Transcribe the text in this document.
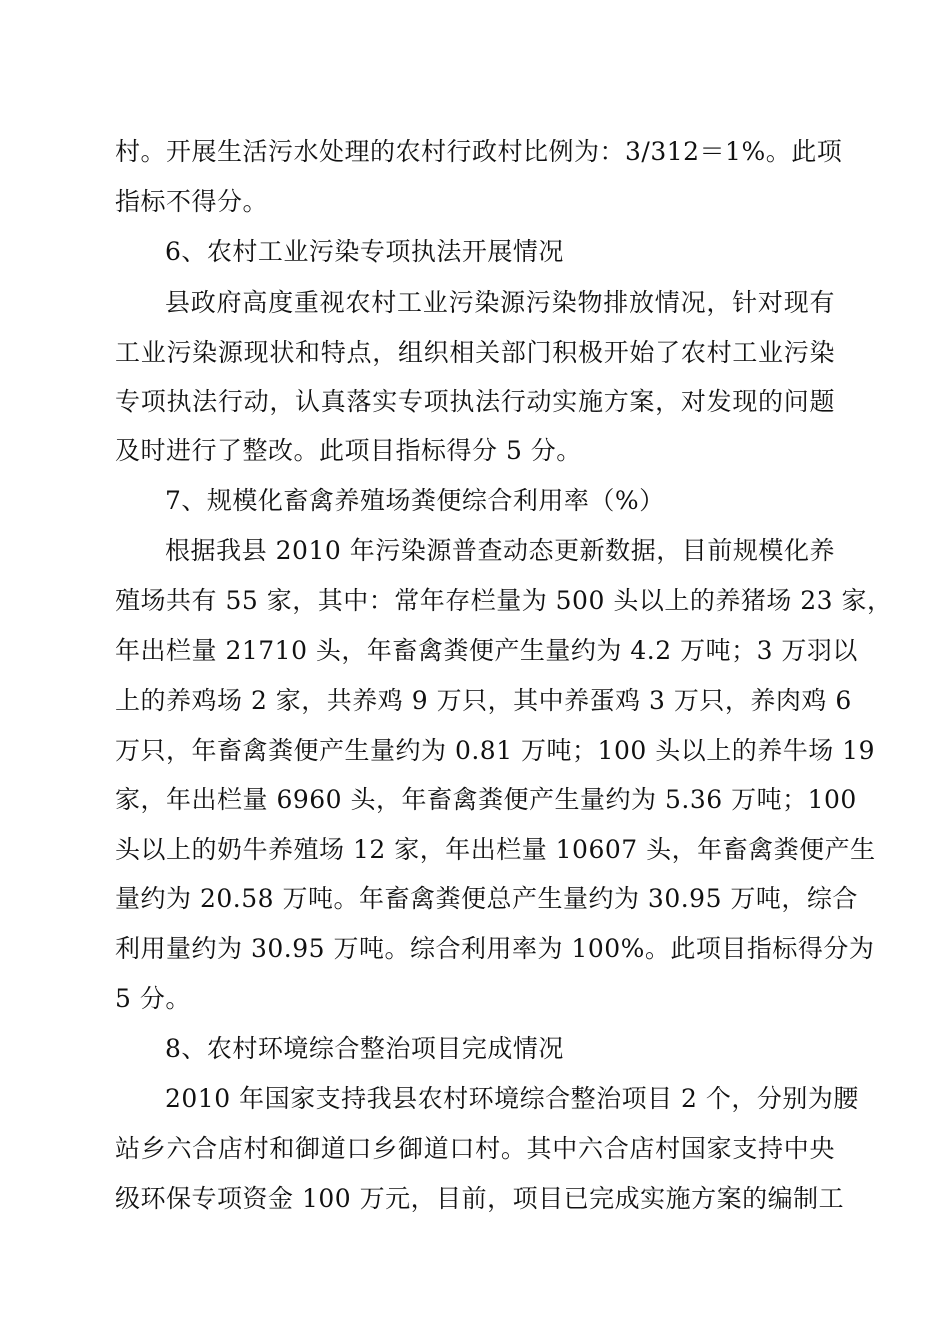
村。开展生活污水处理的农村行政村比例为：3/312＝1%。此项

指标不得分。

6、农村工业污染专项执法开展情况

县政府高度重视农村工业污染源污染物排放情况，针对现有

工业污染源现状和特点，组织相关部门积极开始了农村工业污染

专项执法行动，认真落实专项执法行动实施方案，对发现的问题

及时进行了整改。此项目指标得分 5 分。

7、规模化畜禽养殖场粪便综合利用率（%）

根据我县 2010 年污染源普查动态更新数据，目前规模化养

殖场共有 55 家，其中：常年存栏量为 500 头以上的养猪场 23 家，

年出栏量 21710 头，年畜禽粪便产生量约为 4.2 万吨；3 万羽以

上的养鸡场 2 家，共养鸡 9 万只，其中养蛋鸡 3 万只，养肉鸡 6

万只，年畜禽粪便产生量约为 0.81 万吨；100 头以上的养牛场 19

家，年出栏量 6960 头，年畜禽粪便产生量约为 5.36 万吨；100

头以上的奶牛养殖场 12 家，年出栏量 10607 头，年畜禽粪便产生

量约为 20.58 万吨。年畜禽粪便总产生量约为 30.95 万吨，综合

利用量约为 30.95 万吨。综合利用率为 100%。此项目指标得分为

5 分。

8、农村环境综合整治项目完成情况

2010 年国家支持我县农村环境综合整治项目 2 个，分别为腰

站乡六合店村和御道口乡御道口村。其中六合店村国家支持中央

级环保专项资金 100 万元，目前，项目已完成实施方案的编制工
